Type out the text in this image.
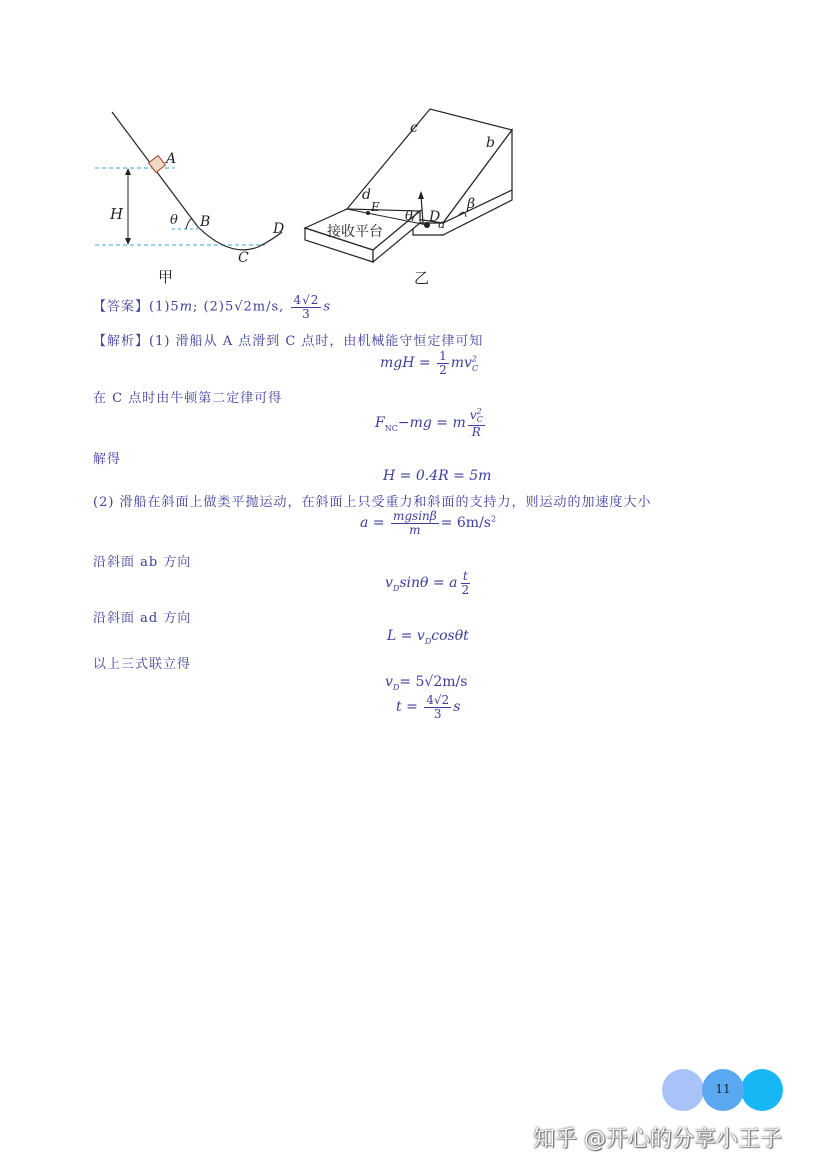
A
H	θ B
C
D
甲
c
b
d
E
θ D
a
β
接收平台
乙
【答案】(1)5m; (2)5√2m/s, $\frac{4√2}{3}$ s
【解析】(1) 滑船从 A 点滑到 C 点时，由机械能守恒定律可知
mgH = $\frac{1}{2} mv^2_C$
在 C 点时由牛顿第二定律可得
$F_{NC}-mg = m \frac{v^2_C}{R}$
解得
H = 0.4R = 5m
(2) 滑船在斜面上做类平抛运动，在斜面上只受重力和斜面的支持力，则运动的加速度大小
$a = \frac{mgsin\beta}{m} = 6m/s^2$
沿斜面 ab 方向
$v_D\sin\theta = a \frac{t}{2}$
沿斜面 ad 方向
$L = v_D\cos\theta t$
以上三式联立得
$v_D= 5√2m/s$
$t = \frac{4√2}{3}$ s
11
知乎 @开心的分享小王子
